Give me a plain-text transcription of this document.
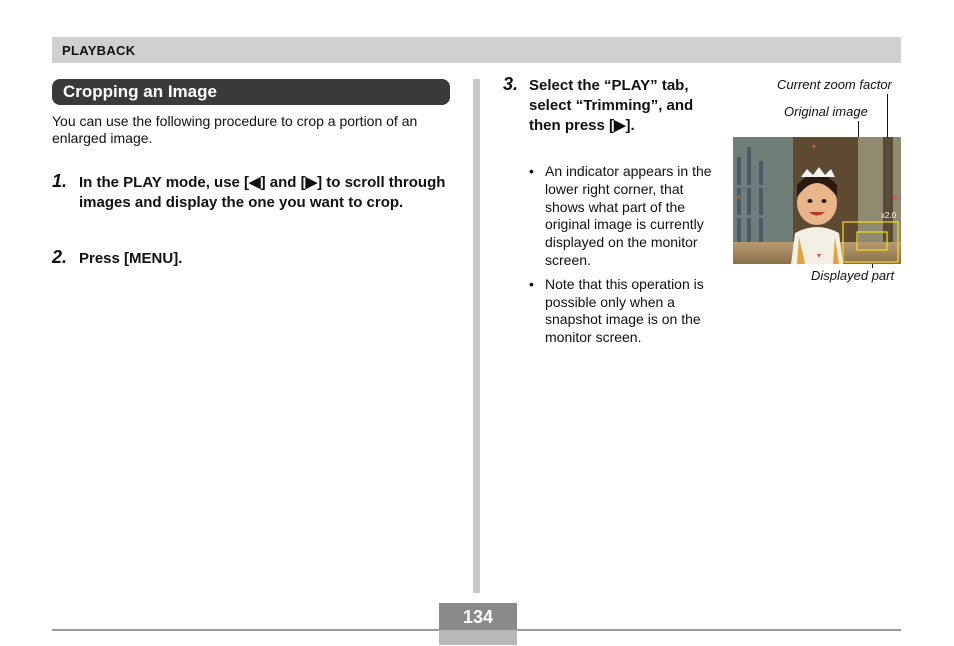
PLAYBACK
Cropping an Image
You can use the following procedure to crop a portion of an enlarged image.
1. In the PLAY mode, use [◀] and [▶] to scroll through images and display the one you want to crop.
2. Press [MENU].
3. Select the “PLAY” tab, select “Trimming”, and then press [▶].
• An indicator appears in the lower right corner, that shows what part of the original image is currently displayed on the monitor screen.
• Note that this operation is possible only when a snapshot image is on the monitor screen.
Current zoom factor
Original image
Displayed part
x2.0
134
